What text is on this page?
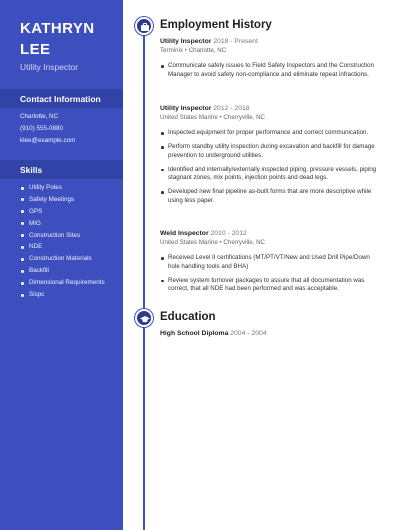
KATHRYN
LEE
Utility Inspector
Contact Information
Charlotte, NC
(910) 555-0880
klee@example.com
Skills
Utility Poles
Safety Meetings
GPS
MIG
Construction Sites
NDE
Construction Materials
Backfill
Dimensional Requirements
Sispc
Employment History
Utility Inspector 2018 - Present
Terminix • Charlotte, NC
Communicate safety issues to Field Safety Inspectors and the Construction Manager to avoid safety non-compliance and eliminate repeat infractions.
Utility Inspector 2012 - 2018
United States Marine • Cherryville, NC
Inspected equipment for proper performance and correct communication.
Perform standby utility inspection during excavation and backfill for damage prevention to underground utilities.
Identified and internally/externally inspected piping, pressure vessels, piping stagnant zones, mix points, injection points and dead legs.
Developed new final pipeline as-built forms that are more descriptive while using less paper.
Weld Inspector 2010 - 2012
United States Marine • Cherryville, NC
Received Level II certifications (MT/PT/VT/New and Used Drill Pipe/Down hole handling tools and BHA)
Review system turnover packages to assure that all documentation was correct, that all NDE had been performed and was acceptable.
Education
High School Diploma 2004 - 2004
